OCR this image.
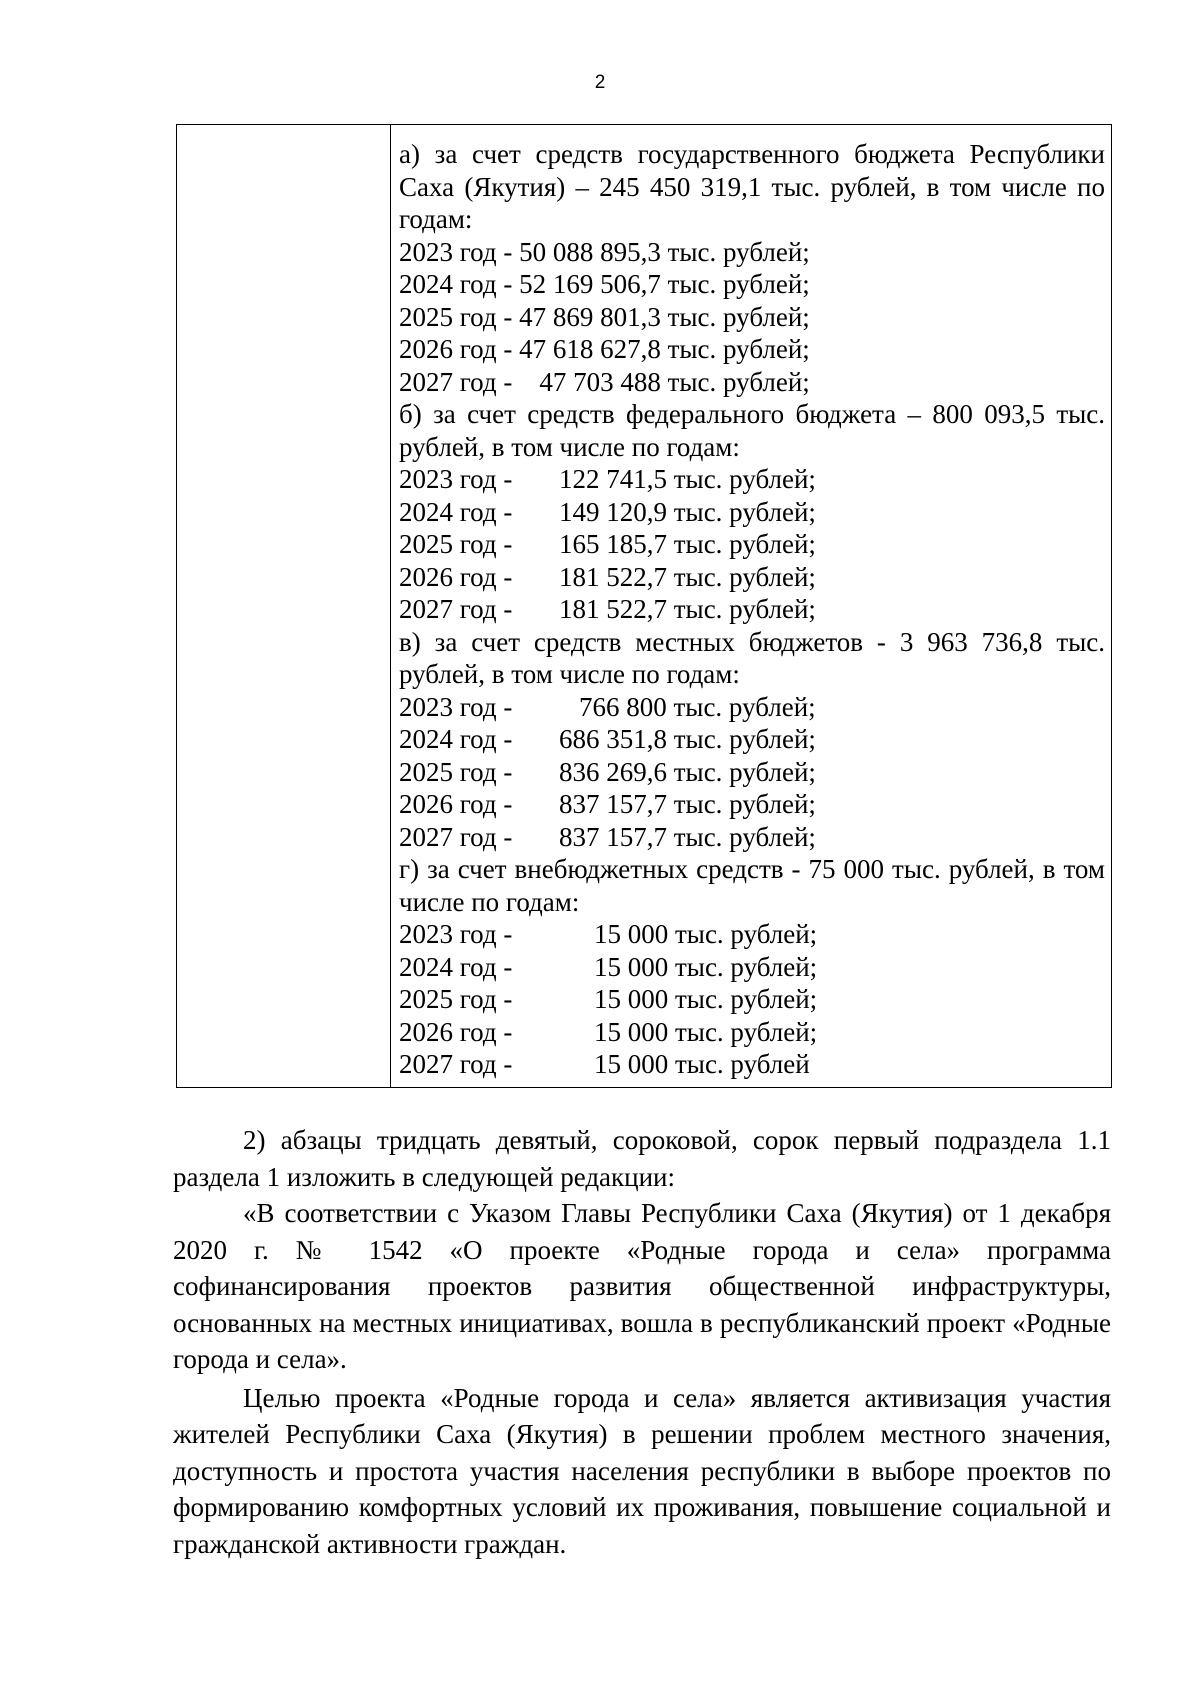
2
а) за счет средств государственного бюджета Республики
Саха (Якутия) – 245 450 319,1 тыс. рублей, в том числе по
годам:
2023 год - 50 088 895,3 тыс. рублей;
2024 год - 52 169 506,7 тыс. рублей;
2025 год - 47 869 801,3 тыс. рублей;
2026 год - 47 618 627,8 тыс. рублей;
2027 год -    47 703 488 тыс. рублей;
б) за счет средств федерального бюджета – 800 093,5 тыс.
рублей, в том числе по годам:
2023 год - 122 741,5 тыс. рублей;
2024 год - 149 120,9 тыс. рублей;
2025 год - 165 185,7 тыс. рублей;
2026 год - 181 522,7 тыс. рублей;
2027 год - 181 522,7 тыс. рублей;
в) за счет средств местных бюджетов - 3 963 736,8 тыс.
рублей, в том числе по годам:
2023 год - 766 800 тыс. рублей;
2024 год - 686 351,8 тыс. рублей;
2025 год - 836 269,6 тыс. рублей;
2026 год - 837 157,7 тыс. рублей;
2027 год - 837 157,7 тыс. рублей;
г) за счет внебюджетных средств - 75 000 тыс. рублей, в том
числе по годам:
2023 год -	15 000 тыс. рублей;
2024 год -	15 000 тыс. рублей;
2025 год -	15 000 тыс. рублей;
2026 год -	15 000 тыс. рублей;
2027 год -	15 000 тыс. рублей

2) абзацы тридцать девятый, сороковой, сорок первый подраздела 1.1 раздела 1 изложить в следующей редакции:

«В соответствии с Указом Главы Республики Саха (Якутия) от 1 декабря 2020 г. № 1542 «О проекте «Родные города и села» программа софинансирования проектов развития общественной инфраструктуры, основанных на местных инициативах, вошла в республиканский проект «Родные города и села».

Целью проекта «Родные города и села» является активизация участия жителей Республики Саха (Якутия) в решении проблем местного значения, доступность и простота участия населения республики в выборе проектов по формированию комфортных условий их проживания, повышение социальной и гражданской активности граждан.
